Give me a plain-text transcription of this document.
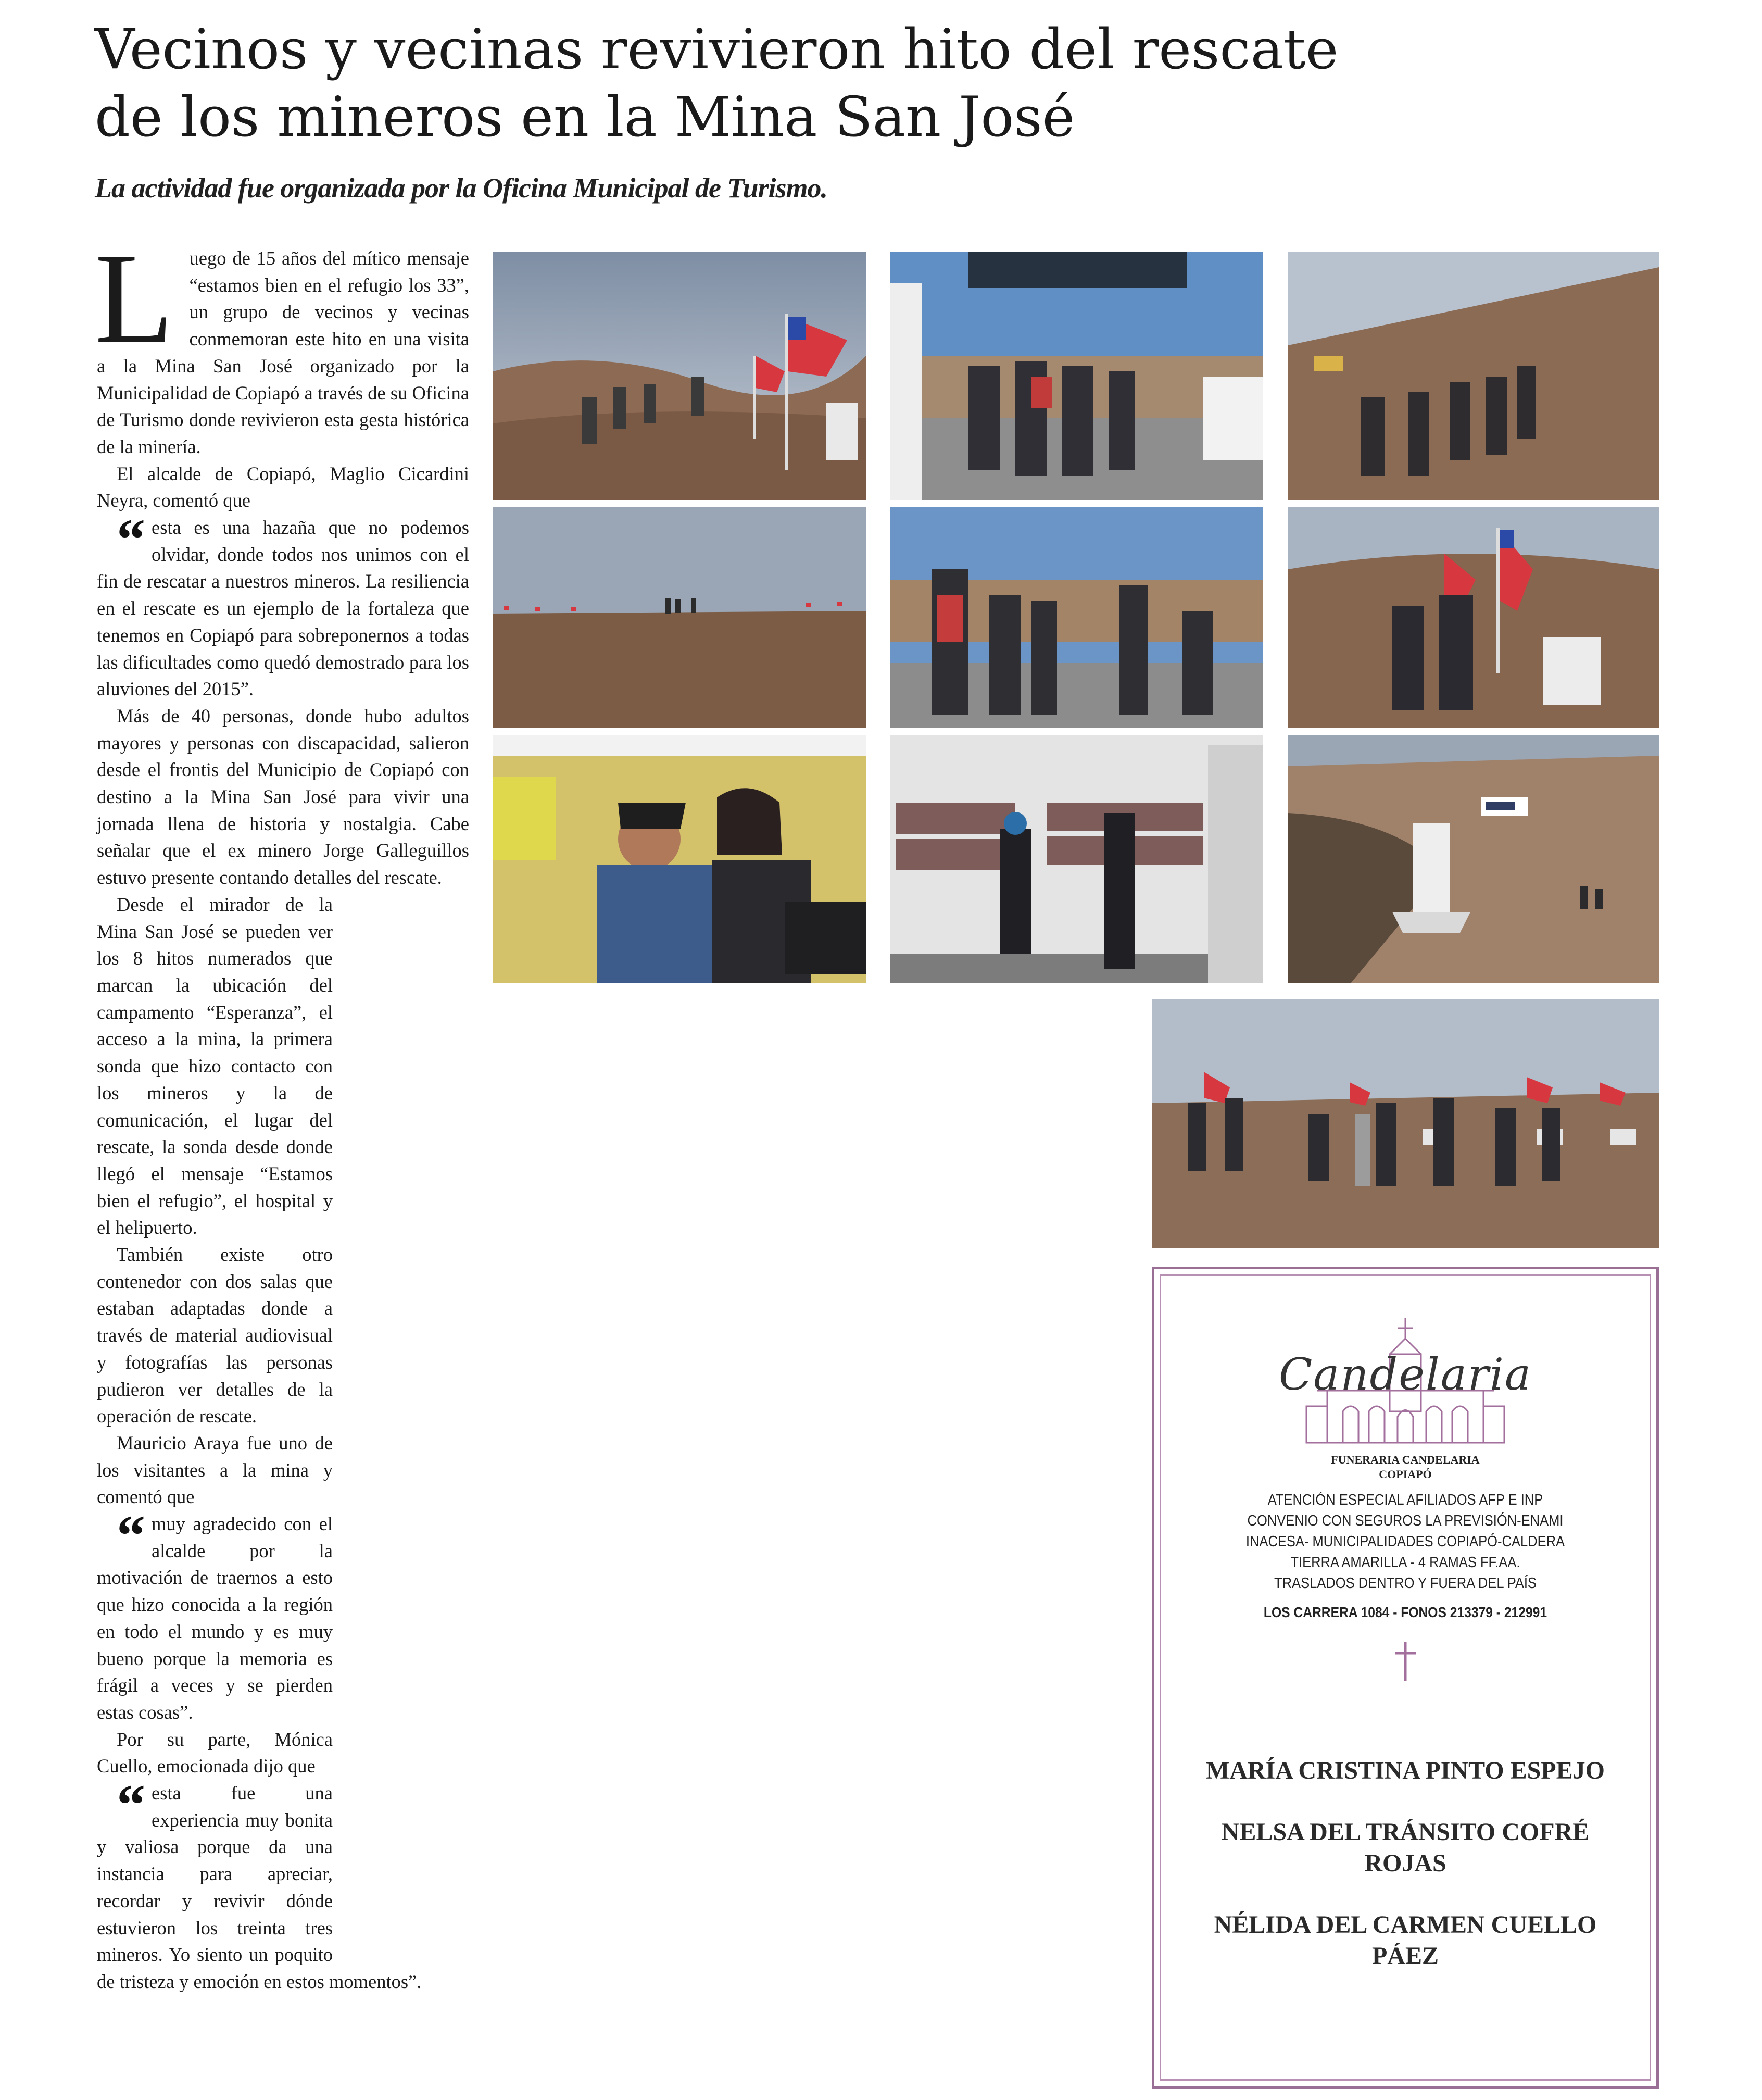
Vecinos y vecinas revivieron hito del rescate
de los mineros en la Mina San José

La actividad fue organizada por la Oficina Municipal de Turismo.

Luego de 15 años del mítico mensaje “estamos bien en el refugio los 33”, un grupo de vecinos y vecinas conmemoran este hito en una visita a la Mina San José organizado por la Municipalidad de Copiapó a través de su Oficina de Turismo donde revivieron esta gesta histórica de la minería.

El alcalde de Copiapó, Maglio Cicardini Neyra, comentó que

“ esta es una hazaña que no podemos olvidar, donde todos nos unimos con el fin de rescatar a nuestros mineros. La resiliencia en el rescate es un ejemplo de la fortaleza que tenemos en Copiapó para sobreponernos a todas las dificultades como quedó demostrado para los aluviones del 2015”.

Más de 40 personas, donde hubo adultos mayores y personas con discapacidad, salieron desde el frontis del Municipio de Copiapó con destino a la Mina San José para vivir una jornada llena de historia y nostalgia. Cabe señalar que el ex minero Jorge Galleguillos estuvo presente contando detalles del rescate.

Desde el mirador de la Mina San José se pueden ver los 8 hitos numerados que marcan la ubicación del campamento “Esperanza”, el acceso a la mina, la primera sonda que hizo contacto con los mineros y la de comunicación, el lugar del rescate, la sonda desde donde llegó el mensaje “Estamos bien el refugio”, el hospital y el helipuerto.

También existe otro contenedor con dos salas que estaban adaptadas donde a través de material audiovisual y fotografías las personas pudieron ver detalles de la operación de rescate.

Mauricio Araya fue uno de los visitantes a la mina y comentó que

“ muy agradecido con el alcalde por la motivación de traernos a esto que hizo conocida a la región en todo el mundo y es muy bueno porque la memoria es frágil a veces y se pierden estas cosas”.

Por su parte, Mónica Cuello, emocionada dijo que

“ esta fue una experiencia muy bonita y valiosa porque da una instancia para apreciar, recordar y revivir dónde estuvieron los treinta tres mineros. Yo siento un poquito de tristeza y emoción en estos momentos”.

Candelaria
FUNERARIA CANDELARIA
COPIAPÓ
ATENCIÓN ESPECIAL AFILIADOS AFP E INP
CONVENIO CON SEGUROS LA PREVISIÓN-ENAMI
INACESA- MUNICIPALIDADES COPIAPÓ-CALDERA
TIERRA AMARILLA - 4 RAMAS FF.AA.
TRASLADOS DENTRO Y FUERA DEL PAÍS
LOS CARRERA 1084 - FONOS 213379 - 212991
MARÍA CRISTINA PINTO ESPEJO
NELSA DEL TRÁNSITO COFRÉ ROJAS
NÉLIDA DEL CARMEN CUELLO PÁEZ
